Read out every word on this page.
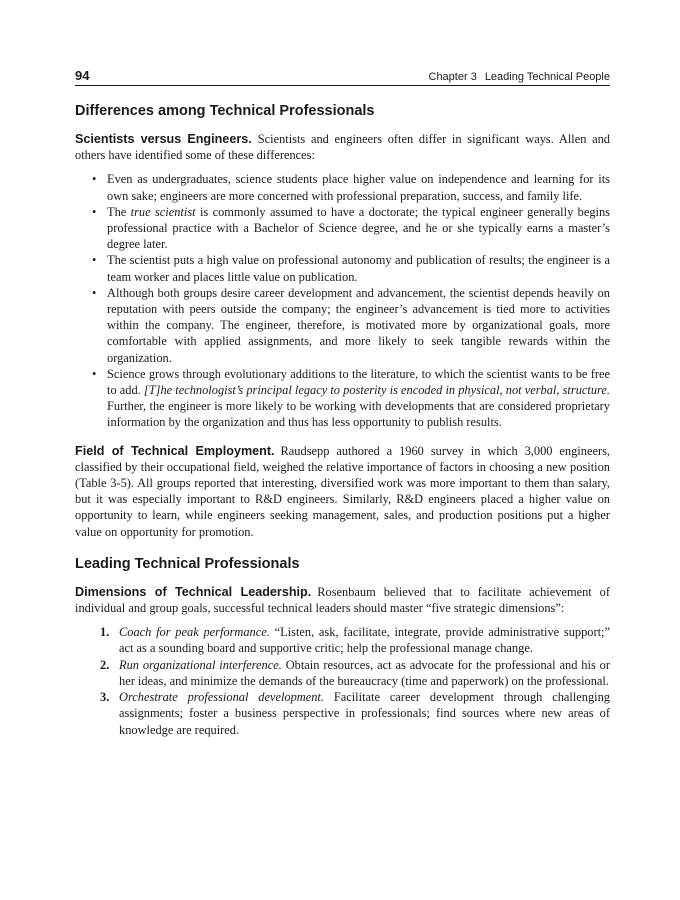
94	Chapter 3 Leading Technical People
Differences among Technical Professionals

Scientists versus Engineers. Scientists and engineers often differ in significant ways. Allen and others have identified some of these differences:

• Even as undergraduates, science students place higher value on independence and learning for its own sake; engineers are more concerned with professional preparation, success, and family life.
• The true scientist is commonly assumed to have a doctorate; the typical engineer generally begins professional practice with a Bachelor of Science degree, and he or she typically earns a master’s degree later.
• The scientist puts a high value on professional autonomy and publication of results; the engineer is a team worker and places little value on publication.
• Although both groups desire career development and advancement, the scientist depends heavily on reputation with peers outside the company; the engineer’s advancement is tied more to activities within the company. The engineer, therefore, is motivated more by organizational goals, more comfortable with applied assignments, and more likely to seek tangible rewards within the organization.
• Science grows through evolutionary additions to the literature, to which the scientist wants to be free to add. [T]he technologist’s principal legacy to posterity is encoded in physical, not verbal, structure. Further, the engineer is more likely to be working with developments that are considered proprietary information by the organization and thus has less opportunity to publish results.

Field of Technical Employment. Raudsepp authored a 1960 survey in which 3,000 engineers, classified by their occupational field, weighed the relative importance of factors in choosing a new position (Table 3-5). All groups reported that interesting, diversified work was more important to them than salary, but it was especially important to R&D engineers. Similarly, R&D engineers placed a higher value on opportunity to learn, while engineers seeking management, sales, and production positions put a higher value on opportunity for promotion.

Leading Technical Professionals

Dimensions of Technical Leadership. Rosenbaum believed that to facilitate achievement of individual and group goals, successful technical leaders should master “five strategic dimensions”:

1. Coach for peak performance. “Listen, ask, facilitate, integrate, provide administrative support;” act as a sounding board and supportive critic; help the professional manage change.
2. Run organizational interference. Obtain resources, act as advocate for the professional and his or her ideas, and minimize the demands of the bureaucracy (time and paperwork) on the professional.
3. Orchestrate professional development. Facilitate career development through challenging assignments; foster a business perspective in professionals; find sources where new areas of knowledge are required.
